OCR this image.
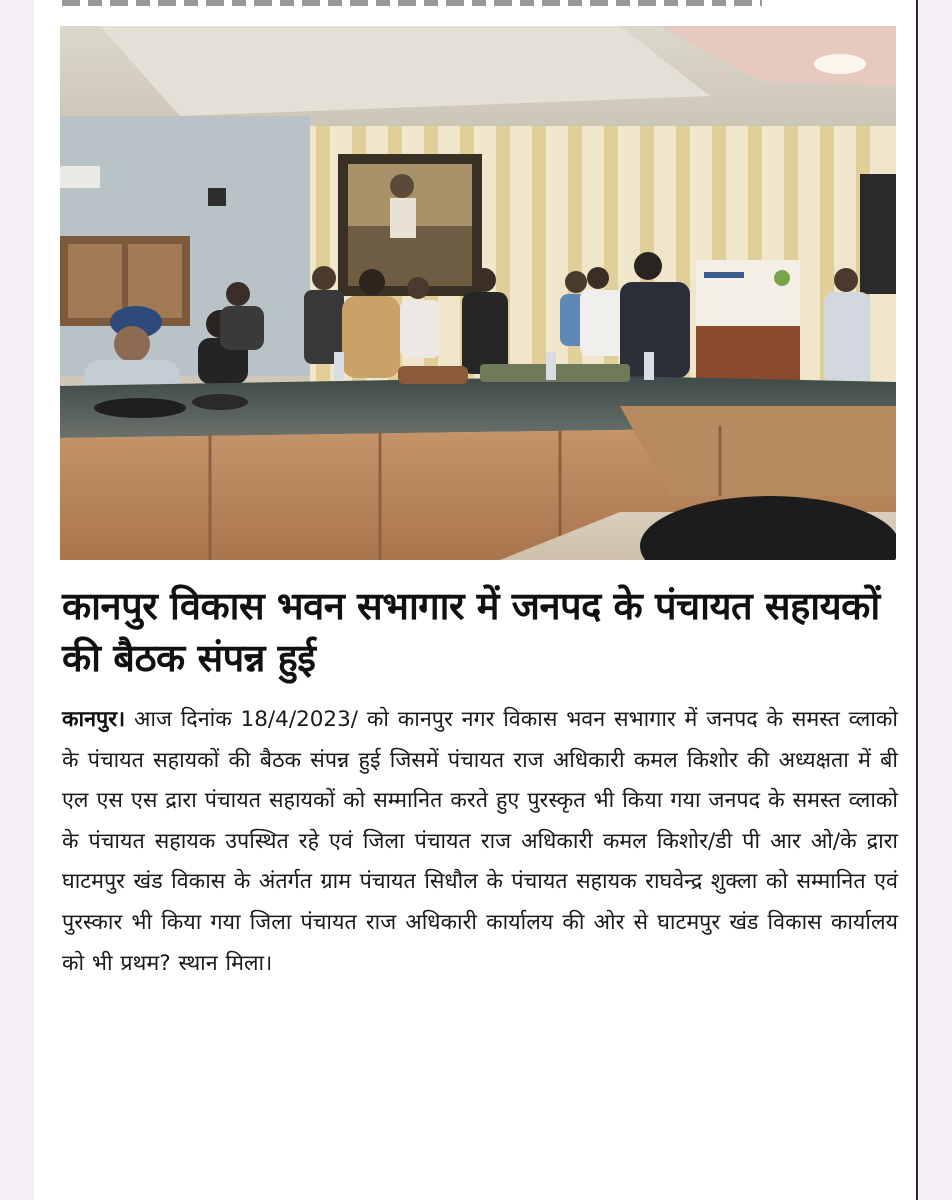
कानपुर विकास भवन सभागार में जनपद के पंचायत सहायकों की बैठक संपन्न हुई

कानपुर। आज दिनांक 18/4/2023/ को कानपुर नगर विकास भवन सभागार में जनपद के समस्त व्लाको के पंचायत सहायकों की बैठक संपन्न हुई जिसमें पंचायत राज अधिकारी कमल किशोर की अध्यक्षता में बी एल एस एस द्रारा पंचायत सहायकों को सम्मानित करते हुए पुरस्कृत भी किया गया जनपद के समस्त व्लाको के पंचायत सहायक उपस्थित रहे एवं जिला पंचायत राज अधिकारी कमल किशोर/डी पी आर ओ/के द्रारा घाटमपुर खंड विकास के अंतर्गत ग्राम पंचायत सिधौल के पंचायत सहायक राघवेन्द्र शुक्ला को सम्मानित एवं पुरस्कार भी किया गया जिला पंचायत राज अधिकारी कार्यालय की ओर से घाटमपुर खंड विकास कार्यालय को भी प्रथम? स्थान मिला।
